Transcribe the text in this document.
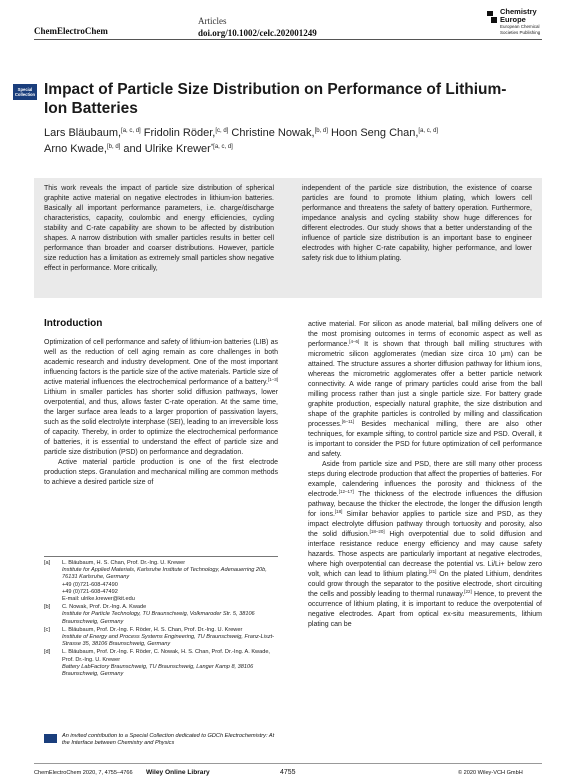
ChemElectroChem
Articles
doi.org/10.1002/celc.202001249
Chemistry
Europe
European Chemical
Societies Publishing
Special
Collection Impact of Particle Size Distribution on Performance of Lithium-Ion Batteries
Lars Bläubaum,[a, c, d] Fridolin Röder,[c, d] Christine Nowak,[b, d] Hoon Seng Chan,[a, c, d]
Arno Kwade,[b, d] and Ulrike Krewer$^{*[a, c, d]}$
This work reveals the impact of particle size distribution of spherical graphite active material on negative electrodes in lithium-ion batteries. Basically all important performance parameters, i.e. charge/discharge characteristics, capacity, coulombic and energy efficiencies, cycling stability and C-rate capability are shown to be affected by distribution shapes. A narrow distribution with smaller particles results in better cell performance than broader and coarser distributions. However, particle size reduction has a limitation as extremely small particles show negative effect in performance. More critically,
independent of the particle size distribution, the existence of coarse particles are found to promote lithium plating, which lowers cell performance and threatens the safety of battery operation. Furthermore, impedance analysis and cycling stability show huge differences for different electrodes. Our study shows that a better understanding of the influence of particle size distribution is an important base to engineer electrodes with higher C-rate capability, higher performance, and lower safety risk due to lithium plating.
Introduction

Optimization of cell performance and safety of lithium-ion batteries (LIB) as well as the reduction of cell aging remain as core challenges in both academic research and industry development. One of the most important influencing factors is the particle size of the active materials. Particle size of active material influences the electrochemical performance of a battery.[1–3] Lithium in smaller particles has shorter solid diffusion pathways, lower overpotential, and thus, allows faster C-rate operation. At the same time, the larger surface area leads to a larger proportion of passivation layers, such as the solid electrolyte interphase (SEI), leading to an irreversible loss of capacity. Thereby, in order to optimize the electrochemical performance of batteries, it is essential to understand the effect of particle size and particle size distribution (PSD) on performance and degradation.

Active material particle production is one of the first electrode production steps. Granulation and mechanical milling are common methods to achieve a desired particle size of

active material. For silicon as anode material, ball milling delivers one of the most promising outcomes in terms of economic aspect as well as performance.[4–6] It is shown that through ball milling structures with micrometric silicon agglomerates (median size circa 10 μm) can be attained. The structure assures a shorter diffusion pathway for lithium ions, whereas the micrometric agglomerates offer a better particle network connectivity. A wide range of primary particles could arise from the ball milling process rather than just a single particle size. For battery grade graphite production, especially natural graphite, the size distribution and shape of the graphite particles is controlled by milling and classification processes.[6–11] Besides mechanical milling, there are also other techniques, for example sifting, to control particle size and PSD. Overall, it is important to consider the PSD for future optimization of cell performance and safety.

Aside from particle size and PSD, there are still many other process steps during electrode production that affect the properties of batteries. For example, calendering influences the porosity and thickness of the electrode.[12–17] The thickness of the electrode influences the diffusion pathway, because the thicker the electrode, the longer the diffusion length for ions.[18] Similar behavior applies to particle size and PSD, as they impact electrolyte diffusion pathway through tortuosity and porosity, also the solid diffusion.[18–20] High overpotential due to solid diffusion and interface resistance reduce energy efficiency and may cause safety hazards. Those aspects are particularly important at negative electrodes, where high overpotential can decrease the potential vs. Li/Li+ below zero volt, which can lead to lithium plating.[21] On the plated Lithium, dendrites could grow through the separator to the positive electrode, short circuiting the cells and possibly leading to thermal runaway.[22] Hence, to prevent the occurrence of lithium plating, it is important to reduce the overpotential of negative electrodes. Apart from optical ex-situ measurements, lithium plating can be

[a] L. Bläubaum, H. S. Chan, Prof. Dr.-Ing. U. Krewer
Institute for Applied Materials, Karlsruhe Institute of Technology, Adenauerring 20b, 76131 Karlsruhe, Germany
+49 (0)721-608-47490
+49 (0)721-608-47492
E-mail: ulrike.krewer@kit.edu
[b] C. Nowak, Prof. Dr.-Ing. A. Kwade
Institute for Particle Technology, TU Braunschweig, Volkmaroder Str. 5, 38106 Braunschweig, Germany
[c] L. Bläubaum, Prof. Dr.-Ing. F. Röder, H. S. Chan, Prof. Dr.-Ing. U. Krewer
Institute of Energy and Process Systems Engineering, TU Braunschweig, Franz-Liszt-Strasse 35, 38106 Braunschweig, Germany
[d] L. Bläubaum, Prof. Dr.-Ing. F. Röder, C. Nowak, H. S. Chan, Prof. Dr.-Ing. A. Kwade, Prof. Dr.-Ing. U. Krewer
Battery LabFactory Braunschweig, TU Braunschweig, Langer Kamp 8, 38106 Braunschweig, Germany
An invited contribution to a Special Collection dedicated to GDCh Electrochemistry: At the Interface between Chemistry and Physics
ChemElectroChem 2020, 7, 4755–4766 Wiley Online Library	4755	© 2020 Wiley-VCH GmbH
